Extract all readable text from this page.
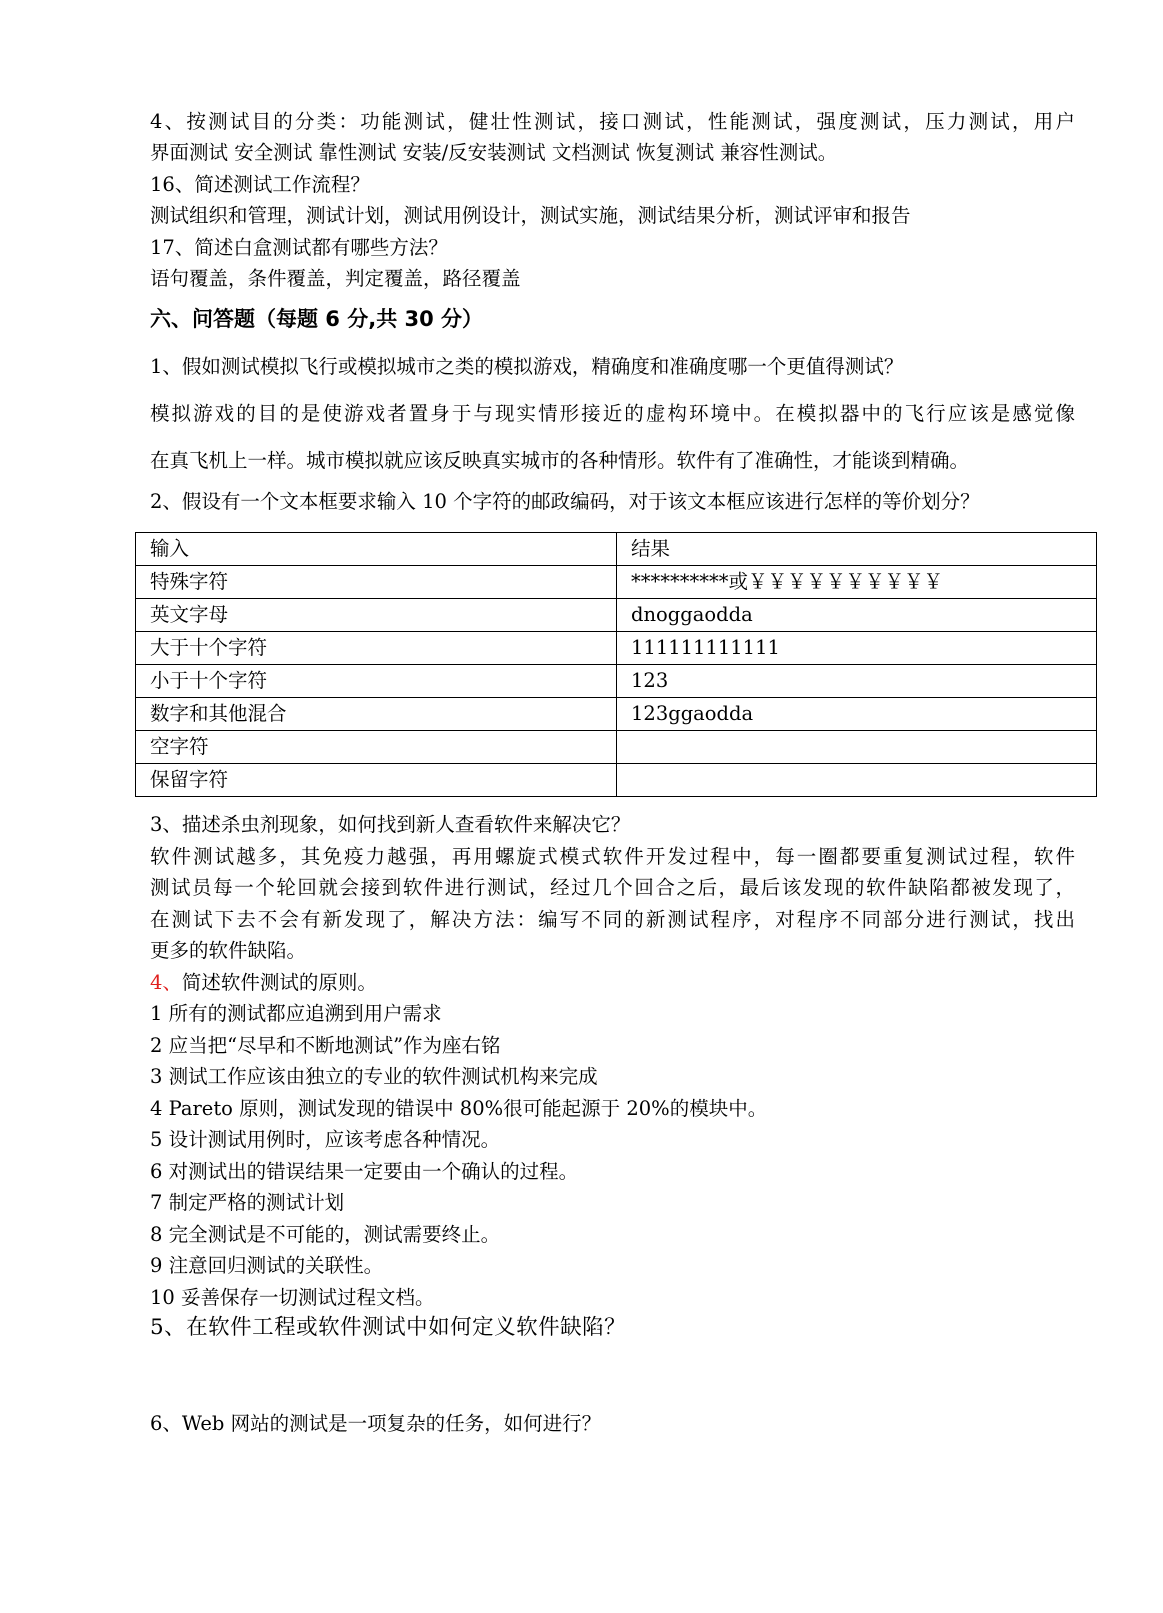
4、按测试目的分类：功能测试，健壮性测试，接口测试，性能测试，强度测试，压力测试，用户
界面测试 安全测试 靠性测试 安装/反安装测试 文档测试 恢复测试 兼容性测试。
16、简述测试工作流程？
测试组织和管理，测试计划，测试用例设计，测试实施，测试结果分析，测试评审和报告
17、简述白盒测试都有哪些方法？
语句覆盖，条件覆盖，判定覆盖，路径覆盖
六、问答题（每题 6 分,共 30 分）
1、假如测试模拟飞行或模拟城市之类的模拟游戏，精确度和准确度哪一个更值得测试？
模拟游戏的目的是使游戏者置身于与现实情形接近的虚构环境中。在模拟器中的飞行应该是感觉像
在真飞机上一样。城市模拟就应该反映真实城市的各种情形。软件有了准确性，才能谈到精确。
2、假设有一个文本框要求输入 10 个字符的邮政编码，对于该文本框应该进行怎样的等价划分？
输入	结果
特殊字符	**********或￥￥￥￥￥￥￥￥￥￥
英文字母	dnoggaodda
大于十个字符	111111111111
小于十个字符	123
数字和其他混合	123ggaodda
空字符	
保留字符	
3、描述杀虫剂现象，如何找到新人查看软件来解决它？
软件测试越多，其免疫力越强，再用螺旋式模式软件开发过程中，每一圈都要重复测试过程，软件
测试员每一个轮回就会接到软件进行测试，经过几个回合之后，最后该发现的软件缺陷都被发现了，
在测试下去不会有新发现了，解决方法：编写不同的新测试程序，对程序不同部分进行测试，找出
更多的软件缺陷。
4、简述软件测试的原则。
1 所有的测试都应追溯到用户需求
2 应当把“尽早和不断地测试”作为座右铭
3 测试工作应该由独立的专业的软件测试机构来完成
4 Pareto 原则，测试发现的错误中 80%很可能起源于 20%的模块中。
5 设计测试用例时，应该考虑各种情况。
6 对测试出的错误结果一定要由一个确认的过程。
7 制定严格的测试计划
8 完全测试是不可能的，测试需要终止。
9 注意回归测试的关联性。
10 妥善保存一切测试过程文档。
5、在软件工程或软件测试中如何定义软件缺陷？
6、Web 网站的测试是一项复杂的任务，如何进行？
